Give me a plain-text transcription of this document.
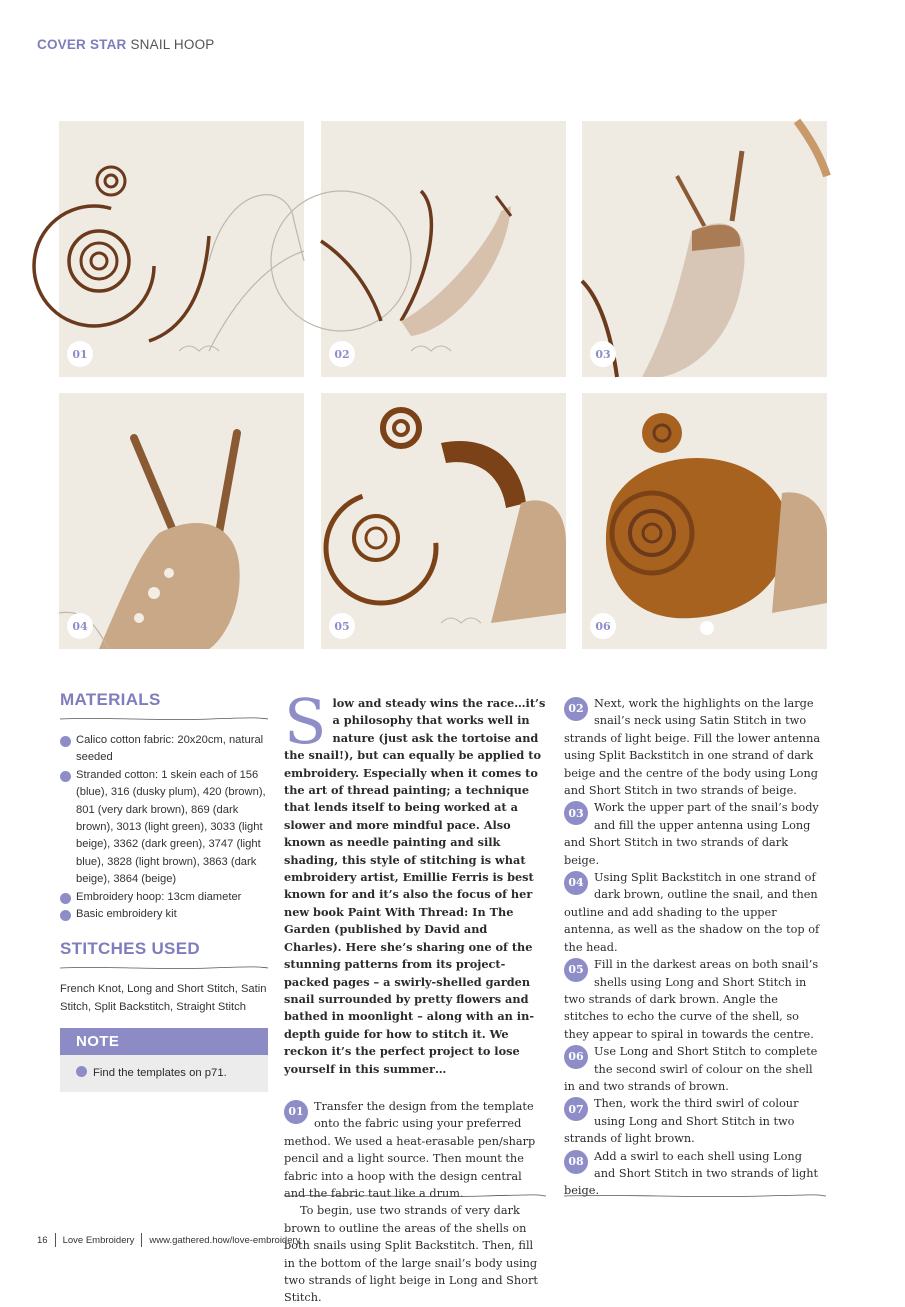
COVER STAR SNAIL HOOP
01	02	03
04	05	06
MATERIALS
Calico cotton fabric: 20x20cm, natural seeded
Stranded cotton: 1 skein each of 156 (blue), 316 (dusky plum), 420 (brown), 801 (very dark brown), 869 (dark brown), 3013 (light green), 3033 (light beige), 3362 (dark green), 3747 (light blue), 3828 (light brown), 3863 (dark beige), 3864 (beige)
Embroidery hoop: 13cm diameter
Basic embroidery kit
STITCHES USED

French Knot, Long and Short Stitch, Satin Stitch, Split Backstitch, Straight Stitch

NOTE
Find the templates on p71.

Slow and steady wins the race…it’s a philosophy that works well in nature (just ask the tortoise and the snail!), but can equally be applied to embroidery. Especially when it comes to the art of thread painting; a technique that lends itself to being worked at a slower and more mindful pace. Also known as needle painting and silk shading, this style of stitching is what embroidery artist, Emillie Ferris is best known for and it’s also the focus of her new book Paint With Thread: In The Garden (published by David and Charles). Here she’s sharing one of the stunning patterns from its project-packed pages – a swirly-shelled garden snail surrounded by pretty flowers and bathed in moonlight – along with an in-depth guide for how to stitch it. We reckon it’s the perfect project to lose yourself in this summer…

01 Transfer the design from the template onto the fabric using your preferred method. We used a heat-erasable pen/sharp pencil and a light source. Then mount the fabric into a hoop with the design central and the fabric taut like a drum.

To begin, use two strands of very dark brown to outline the areas of the shells on both snails using Split Backstitch. Then, fill in the bottom of the large snail’s body using two strands of light beige in Long and Short Stitch.

02 Next, work the highlights on the large snail’s neck using Satin Stitch in two strands of light beige. Fill the lower antenna using Split Backstitch in one strand of dark beige and the centre of the body using Long and Short Stitch in two strands of beige.

03 Work the upper part of the snail’s body and fill the upper antenna using Long and Short Stitch in two strands of dark beige.

04 Using Split Backstitch in one strand of dark brown, outline the snail, and then outline and add shading to the upper antenna, as well as the shadow on the top of the head.

05 Fill in the darkest areas on both snail’s shells using Long and Short Stitch in two strands of dark brown. Angle the stitches to echo the curve of the shell, so they appear to spiral in towards the centre.

06 Use Long and Short Stitch to complete the second swirl of colour on the shell in and two strands of brown.

07 Then, work the third swirl of colour using Long and Short Stitch in two strands of light brown.

08 Add a swirl to each shell using Long and Short Stitch in two strands of light beige.

16 Love Embroidery www.gathered.how/love-embroidery
